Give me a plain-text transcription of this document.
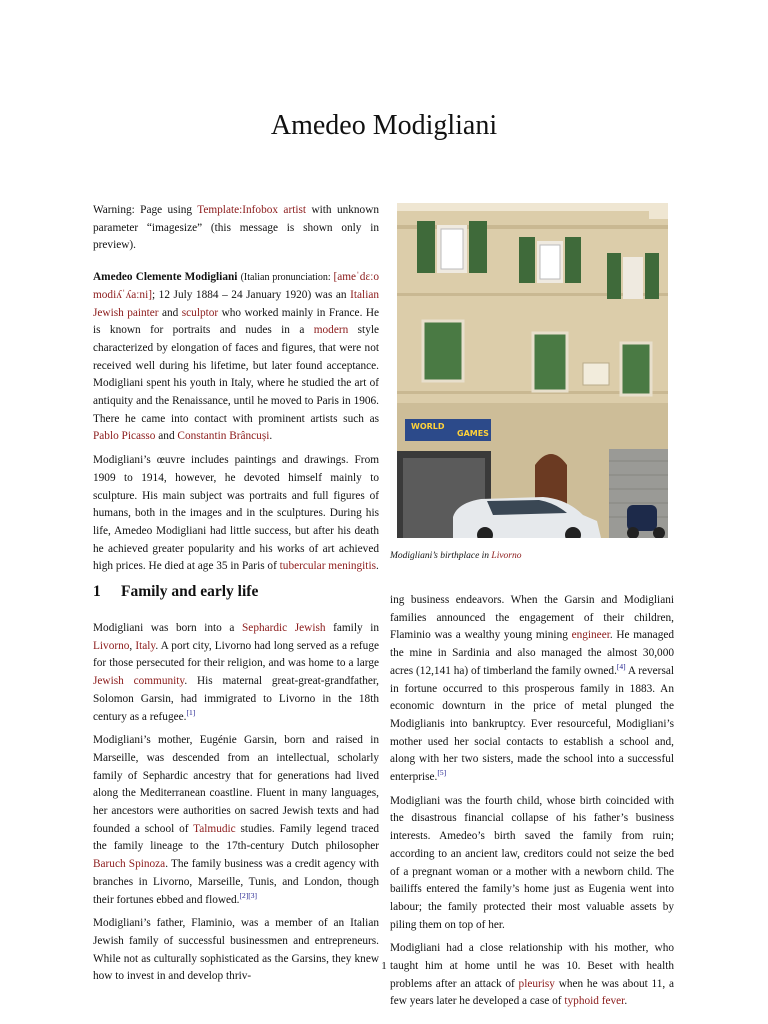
Amedeo Modigliani

Warning: Page using Template:Infobox artist with unknown parameter “imagesize” (this message is shown only in preview).

Amedeo Clemente Modigliani (Italian pronunciation: [ameˈdɛːo modiʎˈʎaːni]; 12 July 1884 – 24 January 1920) was an Italian Jewish painter and sculptor who worked mainly in France. He is known for portraits and nudes in a modern style characterized by elongation of faces and figures, that were not received well during his lifetime, but later found acceptance. Modigliani spent his youth in Italy, where he studied the art of antiquity and the Renaissance, until he moved to Paris in 1906. There he came into contact with prominent artists such as Pablo Picasso and Constantin Brâncuși.

Modigliani’s œuvre includes paintings and drawings. From 1909 to 1914, however, he devoted himself mainly to sculpture. His main subject was portraits and full figures of humans, both in the images and in the sculptures. During his life, Amedeo Modigliani had little success, but after his death he achieved greater popularity and his works of art achieved high prices. He died at age 35 in Paris of tubercular meningitis.

WORLD
GAMES
Modigliani’s birthplace in Livorno
1 Family and early life

Modigliani was born into a Sephardic Jewish family in Livorno, Italy. A port city, Livorno had long served as a refuge for those persecuted for their religion, and was home to a large Jewish community. His maternal great-great-grandfather, Solomon Garsin, had immigrated to Livorno in the 18th century as a refugee.[1]

Modigliani’s mother, Eugénie Garsin, born and raised in Marseille, was descended from an intellectual, scholarly family of Sephardic ancestry that for generations had lived along the Mediterranean coastline. Fluent in many languages, her ancestors were authorities on sacred Jewish texts and had founded a school of Talmudic studies. Family legend traced the family lineage to the 17th-century Dutch philosopher Baruch Spinoza. The family business was a credit agency with branches in Livorno, Marseille, Tunis, and London, though their fortunes ebbed and flowed.[2][3]

Modigliani’s father, Flaminio, was a member of an Italian Jewish family of successful businessmen and entrepreneurs. While not as culturally sophisticated as the Garsins, they knew how to invest in and develop thriv-

ing business endeavors. When the Garsin and Modigliani families announced the engagement of their children, Flaminio was a wealthy young mining engineer. He managed the mine in Sardinia and also managed the almost 30,000 acres (12,141 ha) of timberland the family owned.[4] A reversal in fortune occurred to this prosperous family in 1883. An economic downturn in the price of metal plunged the Modiglianis into bankruptcy. Ever resourceful, Modigliani’s mother used her social contacts to establish a school and, along with her two sisters, made the school into a successful enterprise.[5]

Modigliani was the fourth child, whose birth coincided with the disastrous financial collapse of his father’s business interests. Amedeo’s birth saved the family from ruin; according to an ancient law, creditors could not seize the bed of a pregnant woman or a mother with a newborn child. The bailiffs entered the family’s home just as Eugenia went into labour; the family protected their most valuable assets by piling them on top of her.

Modigliani had a close relationship with his mother, who taught him at home until he was 10. Beset with health problems after an attack of pleurisy when he was about 11, a few years later he developed a case of typhoid fever.

1
